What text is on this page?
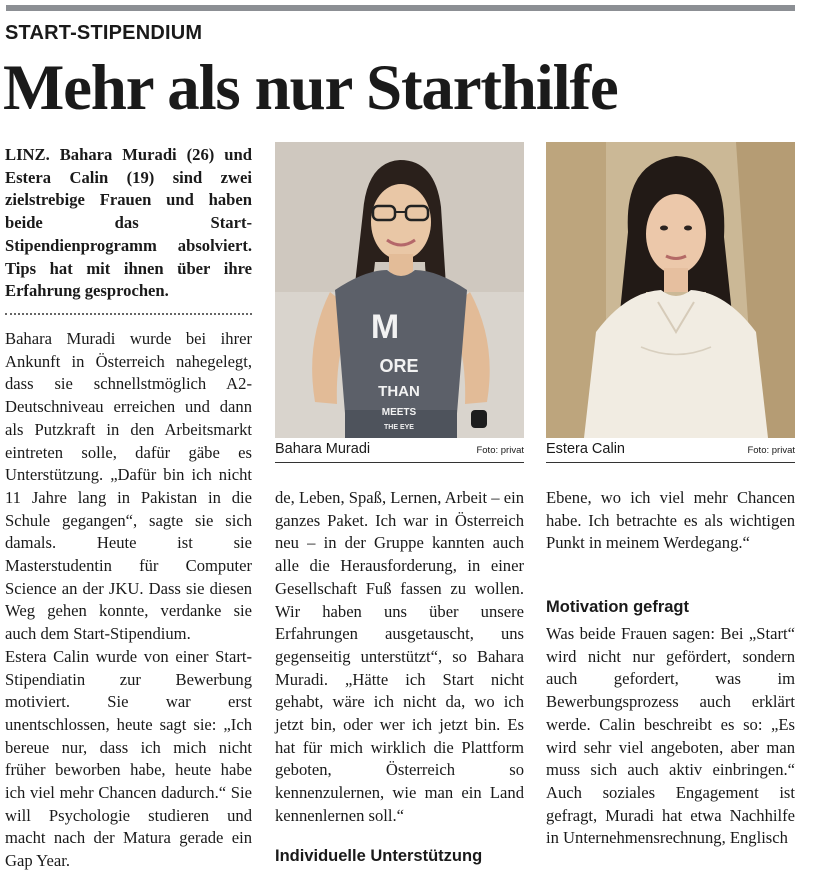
START-STIPENDIUM
Mehr als nur Starthilfe

LINZ. Bahara Muradi (26) und Estera Calin (19) sind zwei zielstrebige Frauen und haben beide das Start-Stipendienprogramm absolviert. Tips hat mit ihnen über ihre Erfahrung gesprochen.

Bahara Muradi wurde bei ihrer Ankunft in Österreich nahegelegt, dass sie schnellstmöglich A2-Deutschniveau erreichen und dann als Putzkraft in den Arbeitsmarkt eintreten solle, dafür gäbe es Unterstützung. „Dafür bin ich nicht 11 Jahre lang in Pakistan in die Schule gegangen“, sagte sie sich damals. Heute ist sie Masterstudentin für Computer Science an der JKU. Dass sie diesen Weg gehen konnte, verdanke sie auch dem Start-Stipendium.

Estera Calin wurde von einer Start-Stipendiatin zur Bewerbung motiviert. Sie war erst unentschlossen, heute sagt sie: „Ich bereue nur, dass ich mich nicht früher beworben habe, heute habe ich viel mehr Chancen dadurch.“ Sie will Psychologie studieren und macht nach der Matura gerade ein Gap Year.

M
ORE
THAN
MEETS
THE EYE
Bahara Muradi	Foto: privat Estera Calin	Foto: privat

de, Leben, Spaß, Lernen, Arbeit – ein ganzes Paket. Ich war in Österreich neu – in der Gruppe kannten auch alle die Herausforderung, in einer Gesellschaft Fuß fassen zu wollen. Wir haben uns über unsere Erfahrungen ausgetauscht, uns gegenseitig unterstützt“, so Bahara Muradi. „Hätte ich Start nicht gehabt, wäre ich nicht da, wo ich jetzt bin, oder wer ich jetzt bin. Es hat für mich wirklich die Plattform geboten, Österreich so kennenzulernen, wie man ein Land kennenlernen soll.“

Individuelle Unterstützung

Ebene, wo ich viel mehr Chancen habe. Ich betrachte es als wichtigen Punkt in meinem Werdegang.“

Motivation gefragt

Was beide Frauen sagen: Bei „Start“ wird nicht nur gefördert, sondern auch gefordert, was im Bewerbungsprozess auch erklärt werde. Calin beschreibt es so: „Es wird sehr viel angeboten, aber man muss sich auch aktiv einbringen.“ Auch soziales Engagement ist gefragt, Muradi hat etwa Nachhilfe in Unternehmensrechnung, Englisch
